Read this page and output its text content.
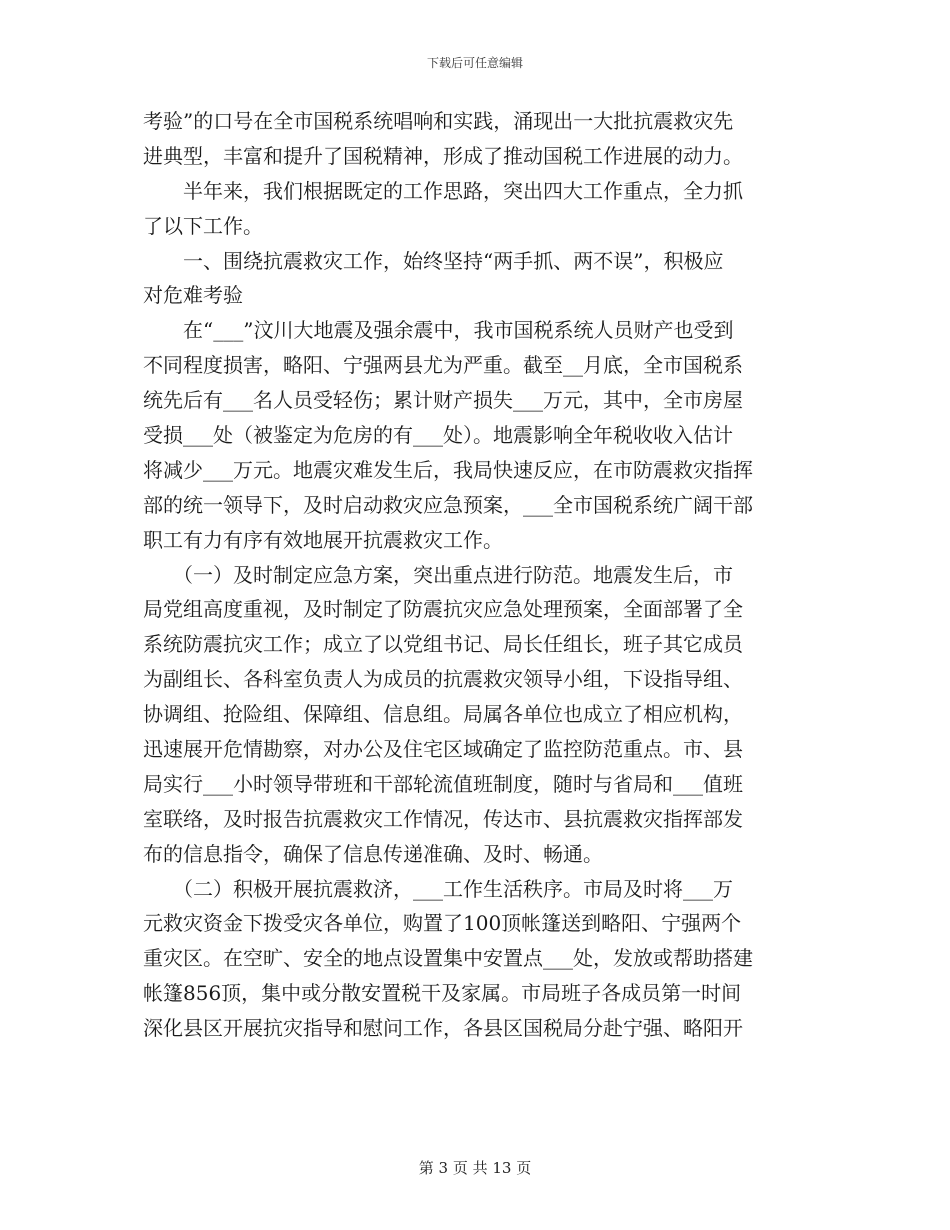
下载后可任意编辑
考验”的口号在全市国税系统唱响和实践，涌现出一大批抗震救灾先
进典型，丰富和提升了国税精神，形成了推动国税工作进展的动力。
　　半年来，我们根据既定的工作思路，突出四大工作重点，全力抓
了以下工作。
　　一、围绕抗震救灾工作，始终坚持“两手抓、两不误”，积极应
对危难考验
　　在“___”汶川大地震及强余震中，我市国税系统人员财产也受到
不同程度损害，略阳、宁强两县尤为严重。截至__月底，全市国税系
统先后有___名人员受轻伤；累计财产损失___万元，其中，全市房屋
受损___处（被鉴定为危房的有___处）。地震影响全年税收收入估计
将减少___万元。地震灾难发生后，我局快速反应，在市防震救灾指挥
部的统一领导下，及时启动救灾应急预案，___全市国税系统广阔干部
职工有力有序有效地展开抗震救灾工作。
　　（一）及时制定应急方案，突出重点进行防范。地震发生后，市
局党组高度重视，及时制定了防震抗灾应急处理预案，全面部署了全
系统防震抗灾工作；成立了以党组书记、局长任组长，班子其它成员
为副组长、各科室负责人为成员的抗震救灾领导小组，下设指导组、
协调组、抢险组、保障组、信息组。局属各单位也成立了相应机构，
迅速展开危情勘察，对办公及住宅区域确定了监控防范重点。市、县
局实行___小时领导带班和干部轮流值班制度，随时与省局和___值班
室联络，及时报告抗震救灾工作情况，传达市、县抗震救灾指挥部发
布的信息指令，确保了信息传递准确、及时、畅通。
　　（二）积极开展抗震救济，___工作生活秩序。市局及时将___万
元救灾资金下拨受灾各单位，购置了100顶帐篷送到略阳、宁强两个
重灾区。在空旷、安全的地点设置集中安置点___处，发放或帮助搭建
帐篷856顶，集中或分散安置税干及家属。市局班子各成员第一时间
深化县区开展抗灾指导和慰问工作，各县区国税局分赴宁强、略阳开
第 3 页 共 13 页
